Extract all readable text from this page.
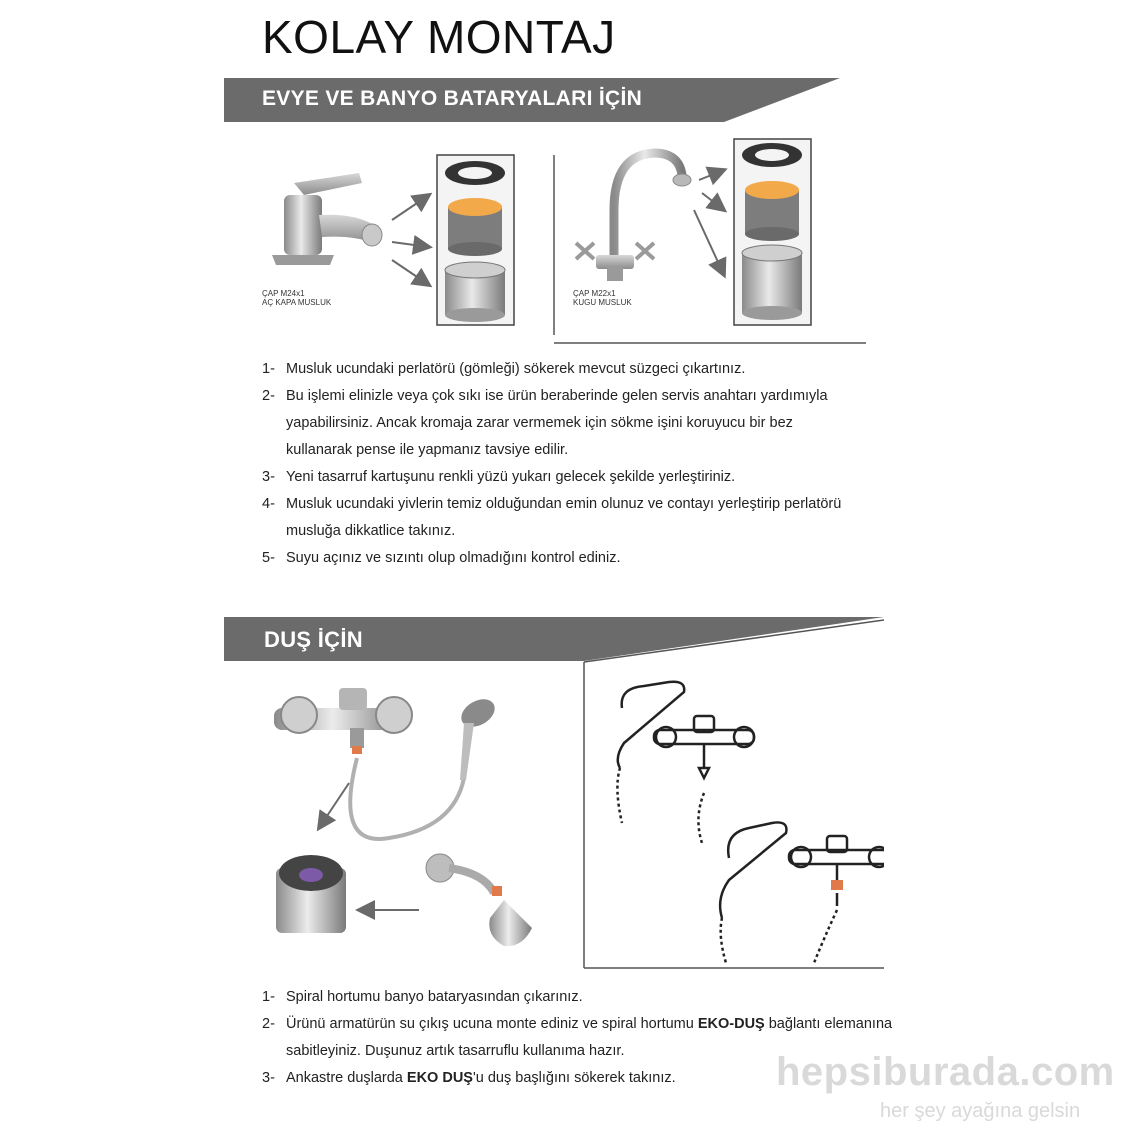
KOLAY MONTAJ
EVYE VE BANYO BATARYALARI İÇİN
ÇAP M24x1
AÇ KAPA MUSLUK
ÇAP M22x1
KUGU MUSLUK
1- Musluk ucundaki perlatörü (gömleği) sökerek mevcut süzgeci çıkartınız.
2- Bu işlemi elinizle veya çok sıkı ise ürün beraberinde gelen servis anahtarı yardımıyla yapabilirsiniz. Ancak kromaja zarar vermemek için sökme işini koruyucu bir bez kullanarak pense ile yapmanız tavsiye edilir.
3- Yeni tasarruf kartuşunu renkli yüzü yukarı gelecek şekilde yerleştiriniz.
4- Musluk ucundaki yivlerin temiz olduğundan emin olunuz ve contayı yerleştirip perlatörü musluğa dikkatlice takınız.
5- Suyu açınız ve sızıntı olup olmadığını kontrol ediniz.
DUŞ İÇİN
1- Spiral hortumu banyo bataryasından çıkarınız.
2- Ürünü armatürün su çıkış ucuna monte ediniz ve spiral hortumu EKO-DUŞ bağlantı elemanına sabitleyiniz. Duşunuz artık tasarruflu kullanıma hazır.
3- Ankastre duşlarda EKO DUŞ'u duş başlığını sökerek takınız.	hepsiburada.com
her şey ayağına gelsin
